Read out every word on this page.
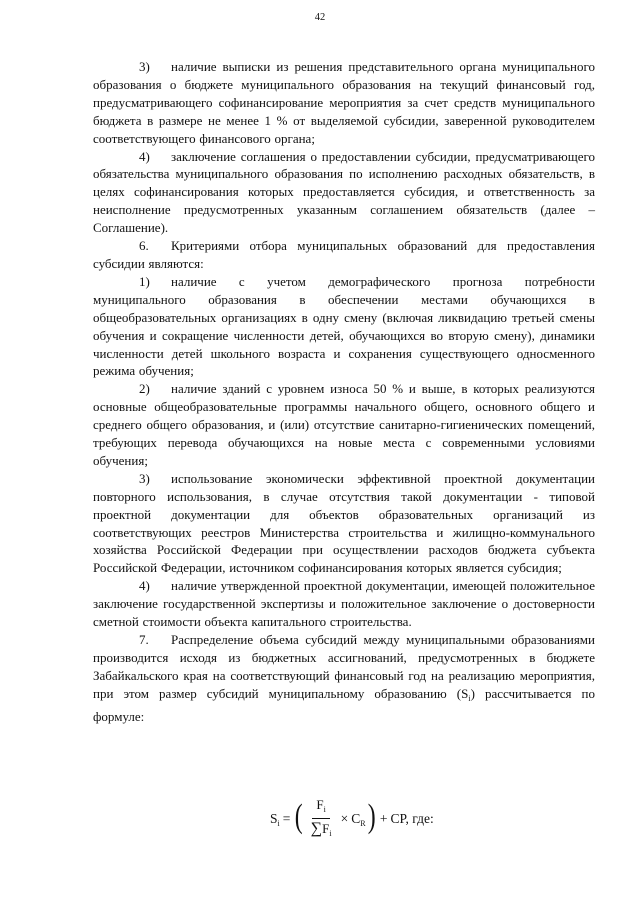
42

3) наличие выписки из решения представительного органа муниципального образования о бюджете муниципального образования на текущий финансовый год, предусматривающего софинансирование мероприятия за счет средств муниципального бюджета в размере не менее 1 % от выделяемой субсидии, заверенной руководителем соответствующего финансового органа;

4) заключение соглашения о предоставлении субсидии, предусматривающего обязательства муниципального образования по исполнению расходных обязательств, в целях софинансирования которых предоставляется субсидия, и ответственность за неисполнение предусмотренных указанным соглашением обязательств (далее – Соглашение).

6. Критериями отбора муниципальных образований для предоставления субсидии являются:

1) наличие с учетом демографического прогноза потребности муниципального образования в обеспечении местами обучающихся в общеобразовательных организациях в одну смену (включая ликвидацию третьей смены обучения и сокращение численности детей, обучающихся во вторую смену), динамики численности детей школьного возраста и сохранения существующего односменного режима обучения;

2) наличие зданий с уровнем износа 50 % и выше, в которых реализуются основные общеобразовательные программы начального общего, основного общего и среднего общего образования, и (или) отсутствие санитарно-гигиенических помещений, требующих перевода обучающихся на новые места с современными условиями обучения;

3) использование экономически эффективной проектной документации повторного использования, в случае отсутствия такой документации - типовой проектной документации для объектов образовательных организаций из соответствующих реестров Министерства строительства и жилищно-коммунального хозяйства Российской Федерации при осуществлении расходов бюджета субъекта Российской Федерации, источником софинансирования которых является субсидия;

4) наличие утвержденной проектной документации, имеющей положительное заключение государственной экспертизы и положительное заключение о достоверности сметной стоимости объекта капитального строительства.

7. Распределение объема субсидий между муниципальными образованиями производится исходя из бюджетных ассигнований, предусмотренных в бюджете Забайкальского края на соответствующий финансовый год на реализацию мероприятия, при этом размер субсидий муниципальному образованию $(S_i)$ рассчитывается по формуле:

$S_i$ = ( $\frac{F_i}{\sum F_i} \times C_R$ ) + CP, где:
